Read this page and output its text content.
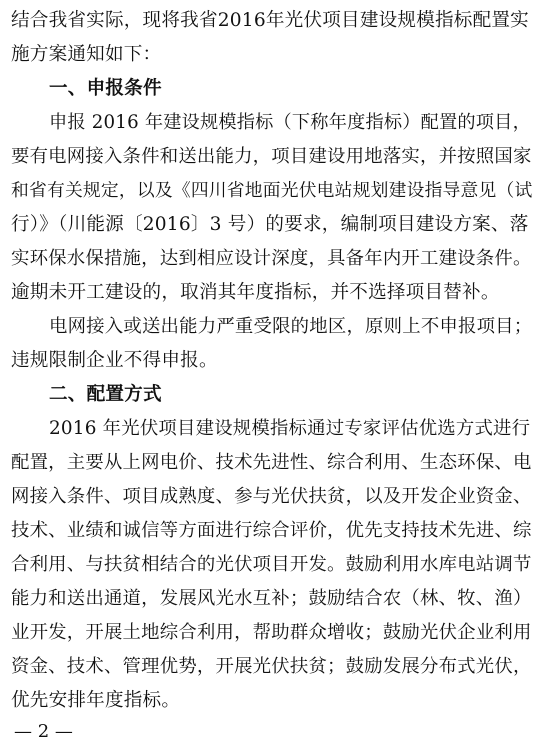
结合我省实际，现将我省2016年光伏项目建设规模指标配置实
施方案通知如下：
一、申报条件
申报 2016 年建设规模指标（下称年度指标）配置的项目，
要有电网接入条件和送出能力，项目建设用地落实，并按照国家
和省有关规定，以及《四川省地面光伏电站规划建设指导意见（试
行）》（川能源〔2016〕3 号）的要求，编制项目建设方案、落
实环保水保措施，达到相应设计深度，具备年内开工建设条件。
逾期未开工建设的，取消其年度指标，并不选择项目替补。
电网接入或送出能力严重受限的地区，原则上不申报项目；
违规限制企业不得申报。
二、配置方式
2016 年光伏项目建设规模指标通过专家评估优选方式进行
配置，主要从上网电价、技术先进性、综合利用、生态环保、电
网接入条件、项目成熟度、参与光伏扶贫，以及开发企业资金、
技术、业绩和诚信等方面进行综合评价，优先支持技术先进、综
合利用、与扶贫相结合的光伏项目开发。鼓励利用水库电站调节
能力和送出通道，发展风光水互补；鼓励结合农（林、牧、渔）
业开发，开展土地综合利用，帮助群众增收；鼓励光伏企业利用
资金、技术、管理优势，开展光伏扶贫；鼓励发展分布式光伏，
优先安排年度指标。
— 2 —
